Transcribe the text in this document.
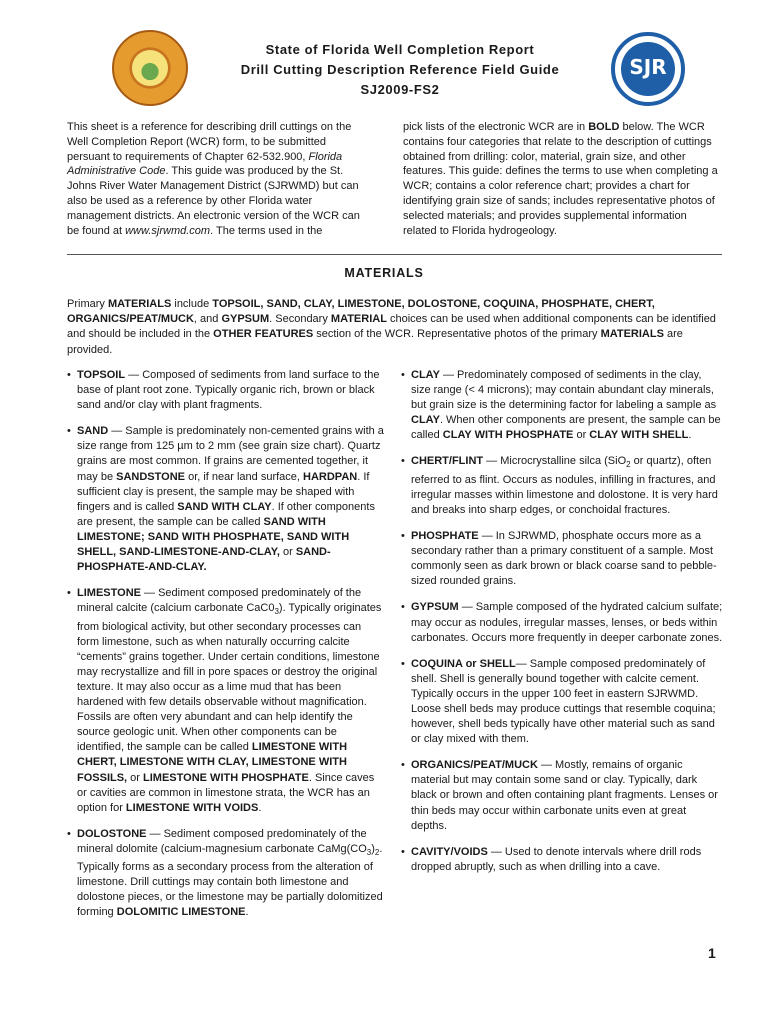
State of Florida Well Completion Report
Drill Cutting Description Reference Field Guide
SJ2009-FS2
SJR
This sheet is a reference for describing drill cuttings on the Well Completion Report (WCR) form, to be submitted persuant to requirements of Chapter 62-532.900, Florida Administrative Code. This guide was produced by the St. Johns River Water Management District (SJRWMD) but can also be used as a reference by other Florida water management districts. An electronic version of the WCR can be found at www.sjrwmd.com. The terms used in the
pick lists of the electronic WCR are in BOLD below. The WCR contains four categories that relate to the description of cuttings obtained from drilling: color, material, grain size, and other features. This guide: defines the terms to use when completing a WCR; contains a color reference chart; provides a chart for identifying grain size of sands; includes representative photos of selected materials; and provides supplemental information related to Florida hydrogeology.
MATERIALS
Primary MATERIALS include TOPSOIL, SAND, CLAY, LIMESTONE, DOLOSTONE, COQUINA, PHOSPHATE, CHERT, ORGANICS/PEAT/MUCK, and GYPSUM. Secondary MATERIAL choices can be used when additional components can be identified and should be included in the OTHER FEATURES section of the WCR. Representative photos of the primary MATERIALS are provided.
• TOPSOIL — Composed of sediments from land surface to the base of plant root zone. Typically organic rich, brown or black sand and/or clay with plant fragments.
• SAND — Sample is predominately non-cemented grains with a size range from 125 µm to 2 mm (see grain size chart). Quartz grains are most common. If grains are cemented together, it may be SANDSTONE or, if near land surface, HARDPAN. If sufficient clay is present, the sample may be shaped with fingers and is called SAND WITH CLAY. If other components are present, the sample can be called SAND WITH LIMESTONE; SAND WITH PHOSPHATE, SAND WITH SHELL, SAND-LIMESTONE-AND-CLAY, or SAND-PHOSPHATE-AND-CLAY.
• LIMESTONE — Sediment composed predominately of the mineral calcite (calcium carbonate $CaC0_3$). Typically originates from biological activity, but other secondary processes can form limestone, such as when naturally occurring calcite “cements” grains together. Under certain conditions, limestone may recrystallize and fill in pore spaces or destroy the original texture. It may also occur as a lime mud that has been hardened with few details observable without magnification. Fossils are often very abundant and can help identify the source geologic unit. When other components can be identified, the sample can be called LIMESTONE WITH CHERT, LIMESTONE WITH CLAY, LIMESTONE WITH FOSSILS, or LIMESTONE WITH PHOSPHATE. Since caves or cavities are common in limestone strata, the WCR has an option for LIMESTONE WITH VOIDS.
• DOLOSTONE — Sediment composed predominately of the mineral dolomite (calcium-magnesium carbonate $CaMg(CO_3)_2$. Typically forms as a secondary process from the alteration of limestone. Drill cuttings may contain both limestone and dolostone pieces, or the limestone may be partially dolomitized forming DOLOMITIC LIMESTONE.
• CLAY — Predominately composed of sediments in the clay, size range (< 4 microns); may contain abundant clay minerals, but grain size is the determining factor for labeling a sample as CLAY. When other components are present, the sample can be called CLAY WITH PHOSPHATE or CLAY WITH SHELL.
• CHERT/FLINT — Microcrystalline silca (SiO$_2$ or quartz), often referred to as flint. Occurs as nodules, infilling in fractures, and irregular masses within limestone and dolostone. It is very hard and breaks into sharp edges, or conchoidal fractures.
• PHOSPHATE — In SJRWMD, phosphate occurs more as a secondary rather than a primary constituent of a sample. Most commonly seen as dark brown or black coarse sand to pebble-sized rounded grains.
• GYPSUM — Sample composed of the hydrated calcium sulfate; may occur as nodules, irregular masses, lenses, or beds within carbonates. Occurs more frequently in deeper carbonate zones.
• COQUINA or SHELL— Sample composed predominately of shell. Shell is generally bound together with calcite cement. Typically occurs in the upper 100 feet in eastern SJRWMD. Loose shell beds may produce cuttings that resemble coquina; however, shell beds typically have other material such as sand or clay mixed with them.
• ORGANICS/PEAT/MUCK — Mostly, remains of organic material but may contain some sand or clay. Typically, dark black or brown and often containing plant fragments. Lenses or thin beds may occur within carbonate units even at great depths.
• CAVITY/VOIDS — Used to denote intervals where drill rods dropped abruptly, such as when drilling into a cave.
1
